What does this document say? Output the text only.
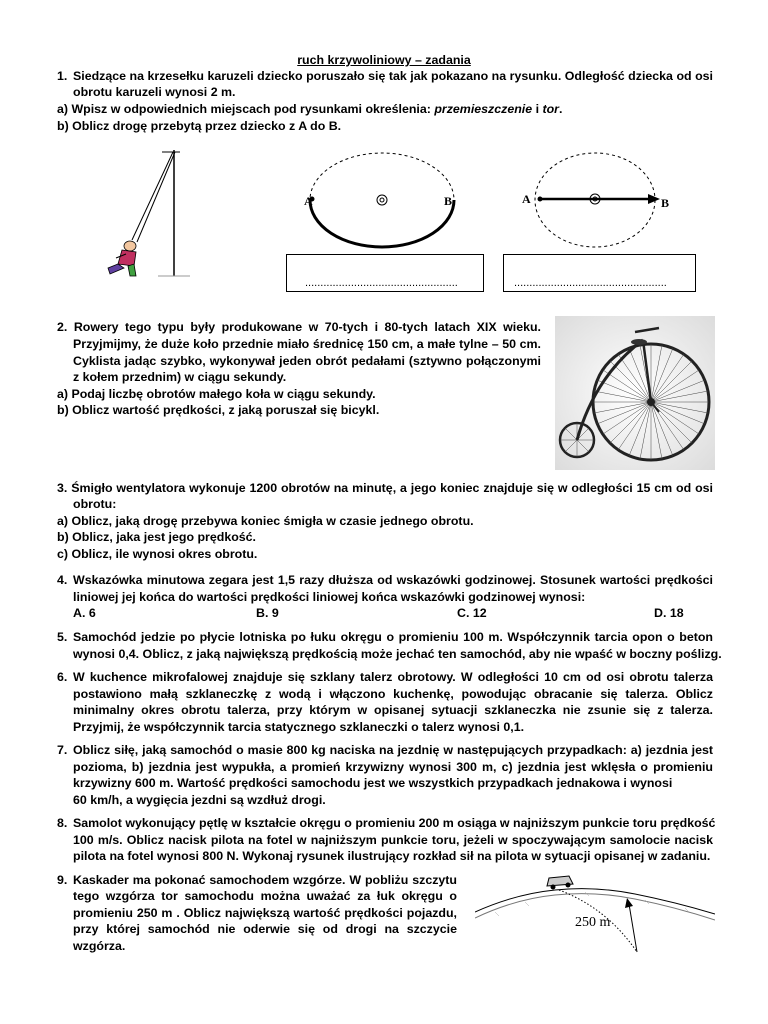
ruch krzywoliniowy – zadania
1. Siedzące na krzesełku karuzeli dziecko poruszało się tak jak pokazano na rysunku. Odległość dziecka od osi
obrotu karuzeli wynosi 2 m.
a) Wpisz w odpowiednich miejscach pod rysunkami określenia: przemieszczenie i tor.
b) Oblicz drogę przebytą przez dziecko z A do B.
A	B	A	B
..................................................	..................................................
2. Rowery tego typu były produkowane w 70-tych i 80-tych latach XIX wieku.
Przyjmijmy, że duże koło przednie miało średnicę 150 cm, a małe tylne – 50 cm.
Cyklista jadąc szybko, wykonywał jeden obrót pedałami (sztywno połączonymi
z kołem przednim) w ciągu sekundy.
a) Podaj liczbę obrotów małego koła w ciągu sekundy.
b) Oblicz wartość prędkości, z jaką poruszał się bicykl.
3. Śmigło wentylatora wykonuje 1200 obrotów na minutę, a jego koniec znajduje się w odległości 15 cm od osi
obrotu:
a) Oblicz, jaką drogę przebywa koniec śmigła w czasie jednego obrotu.
b) Oblicz, jaka jest jego prędkość.
c) Oblicz, ile wynosi okres obrotu.
4. Wskazówka minutowa zegara jest 1,5 razy dłuższa od wskazówki godzinowej. Stosunek wartości prędkości
liniowej jej końca do wartości prędkości liniowej końca wskazówki godzinowej wynosi:
A. 6	B. 9	C. 12	D. 18
5. Samochód jedzie po płycie lotniska po łuku okręgu o promieniu 100 m. Współczynnik tarcia opon o beton
wynosi 0,4. Oblicz, z jaką największą prędkością może jechać ten samochód, aby nie wpaść w boczny poślizg.
6. W kuchence mikrofalowej znajduje się szklany talerz obrotowy. W odległości 10 cm od osi obrotu talerza
postawiono małą szklaneczkę z wodą i włączono kuchenkę, powodując obracanie się talerza. Oblicz
minimalny okres obrotu talerza, przy którym w opisanej sytuacji szklaneczka nie zsunie się z talerza.
Przyjmij, że współczynnik tarcia statycznego szklaneczki o talerz wynosi 0,1.
7. Oblicz siłę, jaką samochód o masie 800 kg naciska na jezdnię w następujących przypadkach: a) jezdnia jest
pozioma, b) jezdnia jest wypukła, a promień krzywizny wynosi 300 m, c) jezdnia jest wklęsła o promieniu
krzywizny 600 m. Wartość prędkości samochodu jest we wszystkich przypadkach jednakowa i wynosi
60 km/h, a wygięcia jezdni są wzdłuż drogi.
8. Samolot wykonujący pętlę w kształcie okręgu o promieniu 200 m osiąga w najniższym punkcie toru prędkość
100 m/s. Oblicz nacisk pilota na fotel w najniższym punkcie toru, jeżeli w spoczywającym samolocie nacisk
pilota na fotel wynosi 800 N. Wykonaj rysunek ilustrujący rozkład sił na pilota w sytuacji opisanej w zadaniu.
9. Kaskader ma pokonać samochodem wzgórze. W pobliżu szczytu
tego wzgórza tor samochodu można uważać za łuk okręgu o
promieniu 250 m . Oblicz największą wartość prędkości pojazdu,
przy której samochód nie oderwie się od drogi na szczycie
wzgórza.
250 m
